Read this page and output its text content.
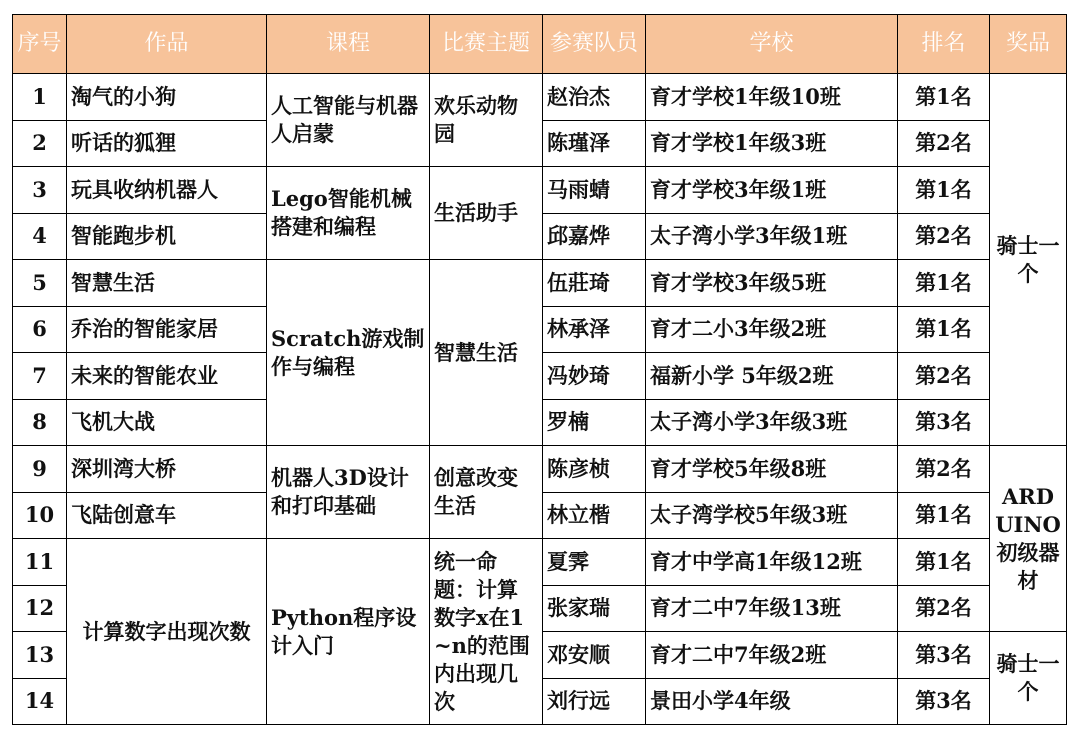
序号	作品	课程	比赛主题	参赛队员	学校	排名	奖品
1	淘气的小狗	人工智能与机器人启蒙	欢乐动物园	赵治杰	育才学校1年级10班	第1名	骑士一个
2	听话的狐狸			陈瑾泽	育才学校1年级3班	第2名	
3	玩具收纳机器人	Lego智能机械搭建和编程	生活助手	马雨蜻	育才学校3年级1班	第1名	
4	智能跑步机			邱嘉烨	太子湾小学3年级1班	第2名	
5	智慧生活	Scratch游戏制作与编程	智慧生活	伍莊琦	育才学校3年级5班	第1名	
6	乔治的智能家居			林承泽	育才二小3年级2班	第1名	
7	未来的智能农业			冯妙琦	福新小学 5年级2班	第2名	
8	飞机大战			罗楠	太子湾小学3年级3班	第3名	
9	深圳湾大桥	机器人3D设计和打印基础	创意改变生活	陈彦桢	育才学校5年级8班	第2名	ARDUINO初级器材
10	飞陆创意车			林立楷	太子湾学校5年级3班	第1名	
11	计算数字出现次数	Python程序设计入门	统一命题：计算数字x在1~n的范围内出现几次	夏霁	育才中学高1年级12班	第1名	
12				张家瑞	育才二中7年级13班	第2名	
13				邓安顺	育才二中7年级2班	第3名	骑士一个
14				刘行远	景田小学4年级	第3名	
